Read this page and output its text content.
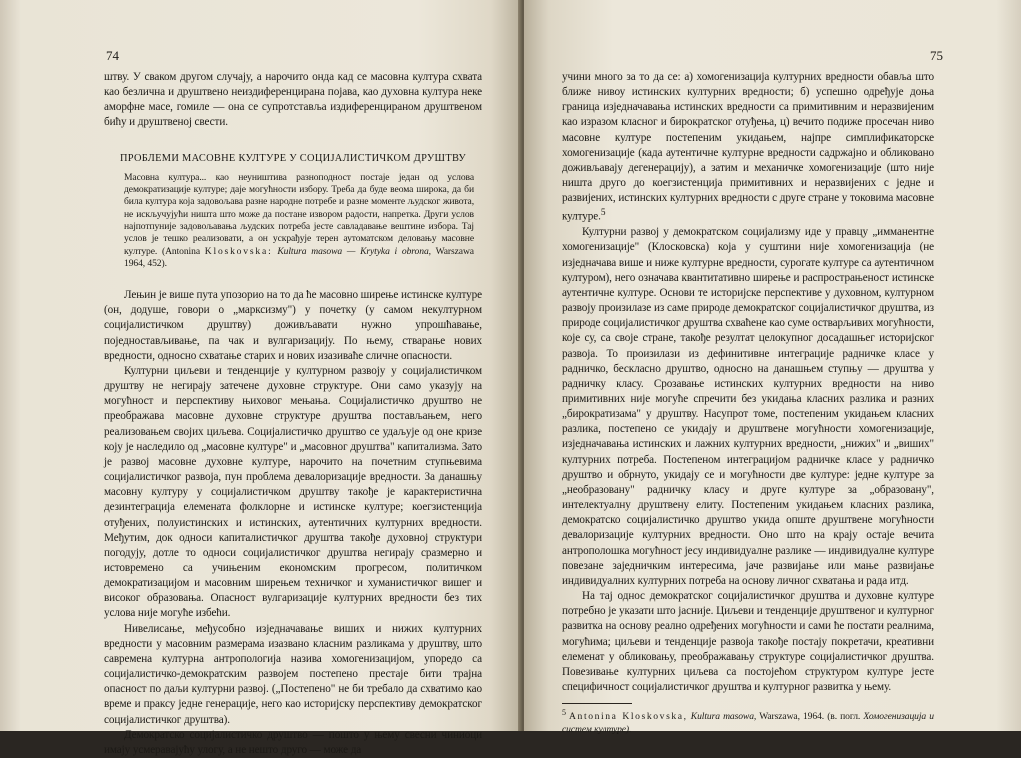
74

штву. У сваком другом случају, а нарочито онда кад се масовна култура схвата као безлична и друштвено неиздиференцирана појава, као духовна култура неке аморфне масе, гомиле — она се супротставља издиференцираном друштвеном бићу и друштвеној свести.

ПРОБЛЕМИ МАСОВНЕ КУЛТУРЕ У СОЦИЈАЛИСТИЧКОМ ДРУШТВУ
Масовна култура... као неуништива разноподност постаје један од услова демократизације културе; даје могућности избору. Треба да буде веома широка, да би била култура која задовољава разне народне потребе и разне моменте људског живота, не искључујући ништа што може да постане извором радости, напретка. Други услов најпотпуније задовољавања људских потреба јесте савладавање вештине избора. Тај услов је тешко реализовати, а он ускрађује терен аутоматском деловању масовне културе. (Antonina Kloskovska: Kultura masowa — Krytyka i obrona, Warszawa 1964, 452).

Лењин је више пута упозорио на то да ће масовно ширење истинске културе (он, додуше, говори о „марксизму") у почетку (у самом некултурном социјалистичком друштву) доживљавати нужно упрошћавање, поједностављивање, па чак и вулгаризацију. По њему, стварање нових вредности, односно схватање старих и нових изазиваће сличне опасности.

Културни циљеви и тенденције у културном развоју у социјалистичком друштву не негирају затечене духовне структуре. Они само указују на могућност и перспективу њиховог мењања. Социјалистичко друштво не преображава масовне духовне структуре друштва постављањем, него реализовањем својих циљева. Социјалистичко друштво се удаљује од оне кризе коју је наследило од „масовне културе" и „масовног друштва" капитализма. Зато је развој масовне духовне културе, нарочито на почетним ступњевима социјалистичког развоја, пун проблема девалоризације вредности. За данашњу масовну културу у социјалистичком друштву такође је карактеристична дезинтеграција елемената фолклорне и истинске културе; коегзистенција отуђених, полуистинских и истинских, аутентичних културних вредности. Међутим, док односи капиталистичког друштва такође духовној структури погодују, дотле то односи социјалистичког друштва негирају сразмерно и истовремено са учињеним економским прогресом, политичком демократизацијом и масовним ширењем техничког и хуманистичког вишег и високог образовања. Опасност вулгаризације културних вредности без тих услова није могуће избећи.

Нивелисање, међусобно изједначавање виших и нижих културних вредности у масовним размерама изазвано класним разликама у друштву, што савремена културна антропологија назива хомогенизацијом, упоредо са социјалистичко-демократским развојем постепено престаје бити трајна опасност по даљи културни развој. („Постепено" не би требало да схватимо као време и праксу једне генерације, него као историјску перспективу демократског социјалистичког друштва).

Демократско социјалистичко друштво — пошто у њему свесни чиниоци имају усмеравајућу улогу, а не нешто друго — може да

75

учини много за то да се: а) хомогенизација културних вредности обавља што ближе нивоу истинских културних вредности; б) успешно одређује доња граница изједначавања истинских вредности са примитивним и неразвијеним као изразом класног и бирократског отуђења, ц) вечито подиже просечан ниво масовне културе постепеним укидањем, најпре симплификаторске хомогенизације (када аутентичне културне вредности садржајно и обликовано доживљавају дегенерацију), а затим и механичке хомогенизације (што није ништа друго до коегзистенција примитивних и неразвијених с једне и развијених, истинских културних вредности с друге стране у токовима масовне културе.$^5$

Културни развој у демократском социјализму иде у правцу „имманентне хомогенизације" (Клосковска) која у суштини није хомогенизација (не изједначава више и ниже културне вредности, сурогате културе са аутентичном културом), него означава квантитативно ширење и распрострањеност истинске аутентичне културе. Основи те историјске перспективе у духовном, културном развоју произилазе из саме природе демократског социјалистичког друштва, из природе социјалистичког друштва схваћене као суме остварљивих могућности, које су, са своје стране, такође резултат целокупног досадашњег историјског развоја. То произилази из дефинитивне интеграције радничке класе у радничко, бескласно друштво, односно на данашњем ступњу — друштва у радничку класу. Срозавање истинских културних вредности на ниво примитивних није могуће спречити без укидања класних разлика и разних „бирократизама" у друштву. Насупрот томе, постепеним укидањем класних разлика, постепено се укидају и друштвене могућности хомогенизације, изједначавања истинских и лажних културних вредности, „нижих" и „виших" културних потреба. Постепеном интеграцијом радничке класе у радничко друштво и обрнуто, укидају се и могућности две културе: једне културе за „необразовану" радничку класу и друге културе за „образовану", интелектуалну друштвену елиту. Постепеним укидањем класних разлика, демократско социјалистичко друштво укида опште друштвене могућности девалоризације културних вредности. Оно што на крају остаје вечита антрополошка могућност јесу индивидуалне разлике — индивидуалне културе повезане заједничким интересима, јаче развијање или мање развијање индивидуалних културних потреба на основу личног схватања и рада итд.

На тај однос демократског социјалистичког друштва и духовне културе потребно је указати што јасније. Циљеви и тенденције друштвеног и културног развитка на основу реално одређених могућности и сами ће постати реалнима, могућима; циљеви и тенденције развоја такође постају покретачи, креативни елеменат у обликовању, преображавању структуре социјалистичког друштва. Повезивање културних циљева са постојећом структуром културе јесте специфичност социјалистичког друштва и културног развитка у њему.

$^5$ Antonina Kloskovska, Kultura masowa, Warszawa, 1964. (в. погл. Хомогенизација и систем културе).
